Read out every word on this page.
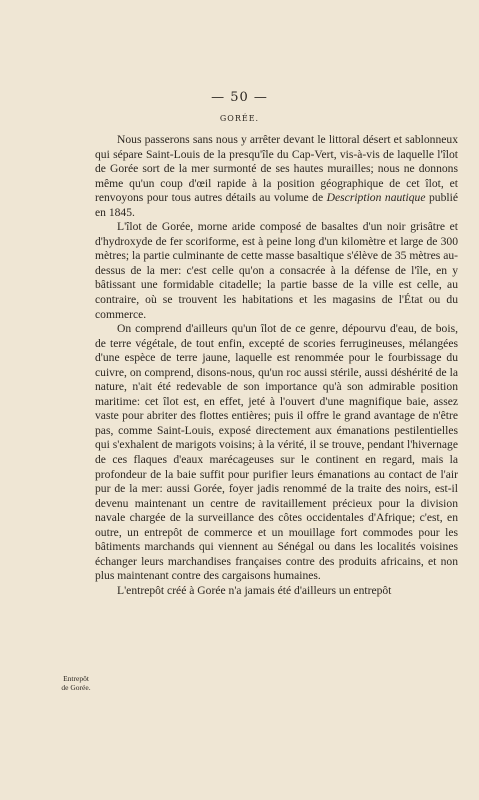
— 50 —
GORÉE.

Nous passerons sans nous y arrêter devant le littoral désert et sablonneux qui sépare Saint-Louis de la presqu'île du Cap-Vert, vis-à-vis de laquelle l'îlot de Gorée sort de la mer surmonté de ses hautes murailles; nous ne donnons même qu'un coup d'œil rapide à la position géographique de cet îlot, et renvoyons pour tous autres détails au volume de Description nautique publié en 1845.

L'îlot de Gorée, morne aride composé de basaltes d'un noir grisâtre et d'hydroxyde de fer scoriforme, est à peine long d'un kilomètre et large de 300 mètres; la partie culminante de cette masse basaltique s'élève de 35 mètres au-dessus de la mer: c'est celle qu'on a consacrée à la défense de l'île, en y bâtissant une formidable citadelle; la partie basse de la ville est celle, au contraire, où se trouvent les habitations et les magasins de l'État ou du commerce.

On comprend d'ailleurs qu'un îlot de ce genre, dépourvu d'eau, de bois, de terre végétale, de tout enfin, excepté de scories ferrugineuses, mélangées d'une espèce de terre jaune, laquelle est renommée pour le fourbissage du cuivre, on comprend, disons-nous, qu'un roc aussi stérile, aussi déshérité de la nature, n'ait été redevable de son importance qu'à son admirable position maritime: cet îlot est, en effet, jeté à l'ouvert d'une magnifique baie, assez vaste pour abriter des flottes entières; puis il offre le grand avantage de n'être pas, comme Saint-Louis, exposé directement aux émanations pestilentielles qui s'exhalent de marigots voisins; à la vérité, il se trouve, pendant l'hivernage de ces flaques d'eaux marécageuses sur le continent en regard, mais la profondeur de la baie suffit pour purifier leurs émanations au contact de l'air pur de la mer: aussi Gorée, foyer jadis renommé de la traite des noirs, est-il devenu maintenant un centre de ravitaillement précieux pour la division navale chargée de la surveillance des côtes occidentales d'Afrique; c'est, en outre, un entrepôt de commerce et un mouillage fort commodes pour les bâtiments marchands qui viennent au Sénégal ou dans les localités voisines échanger leurs marchandises françaises contre des produits africains, et non plus maintenant contre des cargaisons humaines.

L'entrepôt créé à Gorée n'a jamais été d'ailleurs un entrepôt

Entrepôt
de Gorée.
